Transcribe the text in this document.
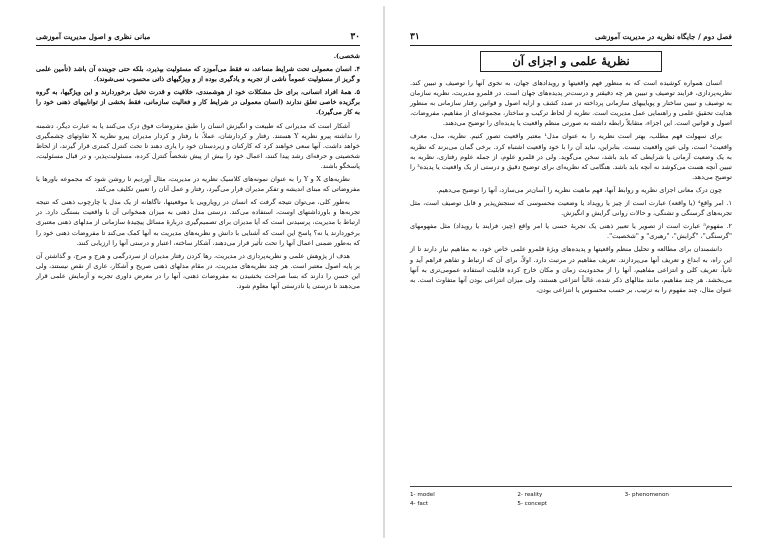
۳۰
مبانی نظری و اصول مدیریت آموزشی

شخصی).

۴. انسان معمولی تحت شرایط مساعد، نه فقط می‌آموزد که مسئولیت بپذیرد، بلکه حتی جوینده آن باشد (تأمین علمی و گریز از مسئولیت عموماً ناشی از تجربه و یادگیری بوده از و ویژگیهای ذاتی محسوب نمی‌شوند).

۵. همهٔ افراد انسانی، برای حل مشکلات خود از هوشمندی، خلاقیت و قدرت تخیل برخوردارند و این ویژگیها، به گروه برگزیده خاصی تعلق ندارند (انسان معمولی در شرایط کار و فعالیت سازمانی، فقط بخشی از تواناییهای ذهنی خود را به کار می‌گیرد).

آشکار است که مدیرانی که طبیعت و انگیزش انسان را طبق مفروضات فوق درک می‌کنند یا به عبارت دیگر، دشمنه را نداشته پیرو نظریه Y هستند. رفتار و کردارشان، عملاً، با رفتار و کردار مدیران پیرو نظریه X تفاوتهای چشمگیری خواهد داشت. آنها سعی خواهند کرد که کارکنان و زیردستان خود را یاری دهند تا تحت کنترل کمتری قرار گیرند، از لحاظ شخصیتی و حرفه‌ای رشد پیدا کنند، اعمال خود را بیش از پیش شخصاً کنترل کرده، مسئولیت‌پذیر، و در قبال مسئولیت، پاسخگو باشند.

نظریه‌های X و Y را به عنوان نمونه‌های کلاسیک نظریه در مدیریت، مثال آوردیم تا روشن شود که مجموعه باورها یا مفروضاتی که مبنای اندیشه و تفکر مدیران قرار می‌گیرد، رفتار و عمل آنان را تعیین تکلیف می‌کند.

به‌طور کلی، می‌توان نتیجه گرفت که انسان در رویارویی با موقعیتها، ناگاهانه از یک مدل یا چارچوب ذهنی که نتیجه تجربه‌ها و باورداشتهای اوست، استفاده می‌کند. درستی مدل ذهنی به میزان همخوانی آن با واقعیت بستگی دارد. در ارتباط با مدیریت، پرسیدنی است که آیا مدیران برای تصمیم‌گیری دربارهٔ مسائل پیچیدهٔ سازمانی از مدلهای ذهنی معتبری برخوردارند یا نه؟ پاسخ این است که آشنایی با دانش و نظریه‌های مدیریت به آنها کمک می‌کند تا مفروضات ذهنی خود را که به‌طور ضمنی اعمال آنها را تحت تأثیر قرار می‌دهند، آشکار ساخته، اعتبار و درستی آنها را ارزیابی کنند.

هدف از پژوهش علمی و نظریه‌پردازی در مدیریت، رها کردن رفتار مدیران از سردرگمی و هرج و مرج، و گذاشتن آن بر پایه اصول معتبر است. هر چند نظریه‌های مدیریت، در مقام مدلهای ذهنی صریح و آشکار، عاری از نقص نیستند، ولی این حسن را دارند که بسا صراحت بخشیدن به مفروضات ذهنی، آنها را در معرض داوری تجربه و آزمایش علمی قرار می‌دهند تا درستی یا نادرستی آنها معلوم شود.

فصل دوم / جایگاه نظریه در مدیریت آموزشی
۳۱
نظریهٔ علمی و اجزای آن

انسان همواره کوشیده است که به منظور فهم واقعیتها و رویدادهای جهان، به نحوی آنها را توصیف و تبیین کند. نظریه‌پردازی، فرایند توصیف و تبیین هر چه دقیقتر و درست‌تر پدیده‌های جهان است. در قلمرو مدیریت، نظریه سازمان به توصیف و تبیین ساختار و پویاییهای سازمانی پرداخته در صدد کشف و ارایه اصول و قوانین رفتار سازمانی به منظور هدایت تحقیق علمی و راهنمایی عمل مدیریت است. نظریه از لحاظ ترکیب و ساختار، مجموعه‌ای از مفاهیم، مفروضات، اصول و قوانین است. این اجزاء، متقابلاً رابطه داشته به صورتی منظم واقعیت یا پدیده‌ای را توضیح می‌دهند.

برای سهولت فهم مطلب، بهتر است نظریه را به عنوان مدل¹ معتبر واقعیت تصور کنیم. نظریه، مدل، معرف واقعیت² است، ولی عین واقعیت نیست. بنابراین، نباید آن را با خود واقعیت اشتباه کرد. برخی گمان می‌برند که نظریه به یک وضعیت آرمانی یا شرایطی که باید باشد، سخن می‌گوید. ولی در قلمرو علوم، از جمله علوم رفتاری، نظریه به تبیین آنچه هست می‌کوشد نه آنچه باید باشد. هنگامی که نظریه‌ای برای توضیح دقیق و درستی از یک واقعیت یا پدیده³ را توضیح می‌دهد.

چون درک معانی اجزای نظریه و روابط آنها، فهم ماهیت نظریه را آسان‌تر می‌سازد، آنها را توضیح می‌دهیم.

۱. امر واقع⁴ (یا واقعه) عبارت است از چیز یا رویداد یا وضعیت محسوسی که سنجش‌پذیر و قابل توصیف است، مثل تجربه‌های گرسنگی و تشنگی، و حالات روانی گرایش و انگیزش.

۲. مفهوم⁵ عبارت است از تصویر یا تعبیر ذهنی یک تجربهٔ حسی یا امر واقع (چیز، فرایند یا رویداد) مثل مفهومهای "گرسنگی"، "گرایش"، "رهبری" و "شخصیت".

دانشمندان برای مطالعه و تحلیل منظم واقعیتها و پدیده‌های ویژهٔ قلمرو علمی خاص خود، به مفاهیم نیاز دارند تا از این راه، به ابداع و تعریف آنها می‌پردازند. تعریف مفاهیم در مرتبت دارد. اولاً، برای آن که ارتباط و تفاهم فراهم آید و تانیاً، تعریف کلی و انتزاعی مفاهیم، آنها را از محدودیت زمان و مکان خارج کرده قابلیت استفاده عمومی‌تری به آنها می‌بخشد. هر چند مفاهیم، مانند مثالهای ذکر شده، غالباً انتزاعی هستند، ولی میزان انتزاعی بودن آنها متفاوت است. به عنوان مثال، چند مفهوم را به ترتیب، بر حسب محسوس یا انتزاعی بودن،

1- model	2- reality	3- phenomenon
4- fact	5- concept
